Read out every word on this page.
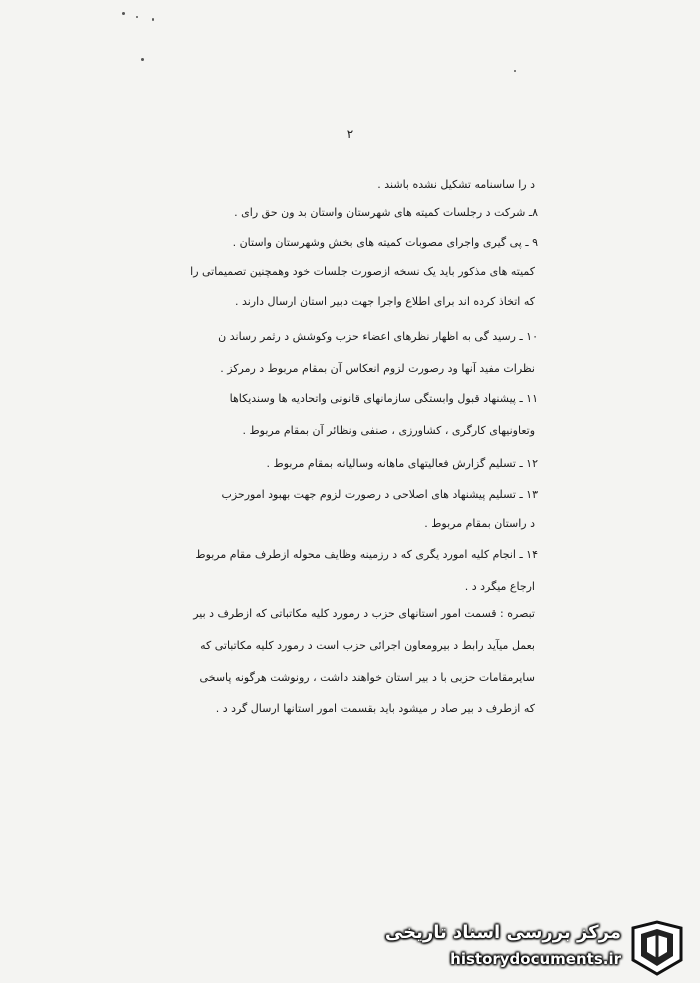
۲
د را ساسنامه تشکیل نشده باشند .
۸ـ شرکت د رجلسات کمیته های شهرستان واستان بد ون حق رای .
۹ ـ پی گیری واجرای مصوبات کمیته های بخش وشهرستان واستان .
کمیته های مذکور باید یک نسخه ازصورت جلسات خود وهمچنین تصمیماتی را
که اتخاذ کرده اند برای اطلاع واجرا جهت دبیر استان ارسال دارند .
۱۰ ـ رسید گی به اظهار نظرهای اعضاء حزب وکوشش د رثمر رساند ن
نظرات مفید آنها ود رصورت لزوم انعکاس آن بمقام مربوط د رمرکز .
۱۱ ـ پیشنهاد قبول وابستگی سازمانهای قانونی واتحادیه ها وسندیکاها
وتعاونیهای کارگری ، کشاورزی ، صنفی ونظائر آن بمقام مربوط .
۱۲ ـ تسلیم گزارش فعالیتهای ماهانه وسالیانه بمقام مربوط .
۱۳ ـ تسلیم پیشنهاد های اصلاحی د رصورت لزوم جهت بهبود امورحزب
د راستان بمقام مربوط .
۱۴ ـ انجام کلیه امورد یگری که د رزمینه وظایف محوله ازطرف مقام مربوط
ارجاع میگرد د .
تبصره : قسمت امور استانهای حزب د رمورد کلیه مکاتباتی که ازطرف د بیر
بعمل میآید رابط د بیرومعاون اجرائی حزب است د رمورد کلیه مکاتباتی که
سایرمقامات حزبی با د بیر استان خواهند داشت ، رونوشت هرگونه پاسخی
که ازطرف د بیر صاد ر میشود باید بقسمت امور استانها ارسال گرد د .
مرکز بررسی اسناد تاریخی
historydocuments.ir
